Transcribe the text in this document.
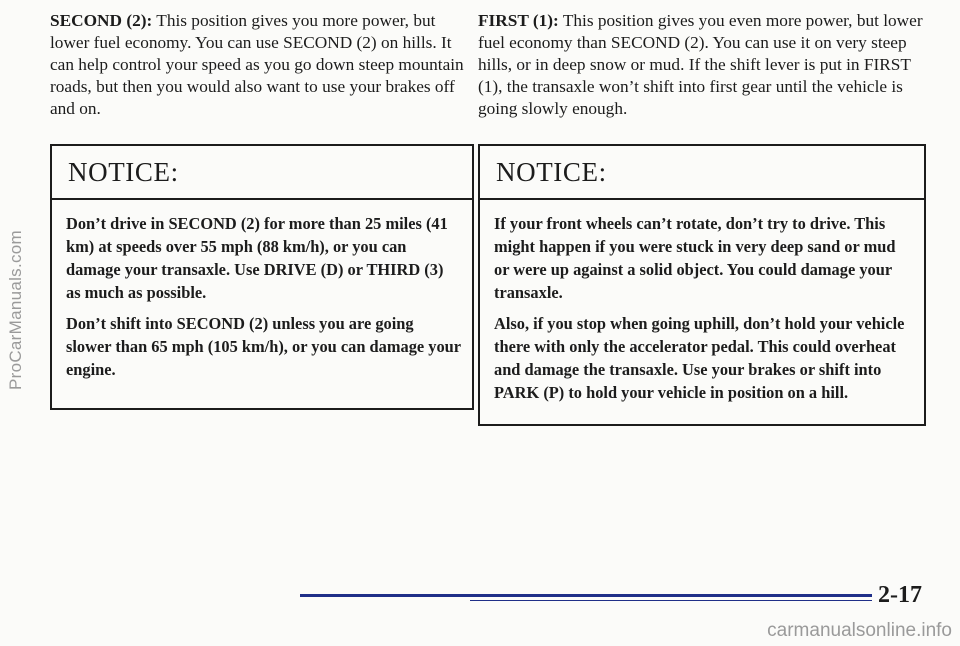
ProCarManuals.com

SECOND (2): This position gives you more power, but lower fuel economy. You can use SECOND (2) on hills. It can help control your speed as you go down steep mountain roads, but then you would also want to use your brakes off and on.

NOTICE:

Don’t drive in SECOND (2) for more than 25 miles (41 km) at speeds over 55 mph (88 km/h), or you can damage your transaxle. Use DRIVE (D) or THIRD (3) as much as possible.

Don’t shift into SECOND (2) unless you are going slower than 65 mph (105 km/h), or you can damage your engine.

FIRST (1): This position gives you even more power, but lower fuel economy than SECOND (2). You can use it on very steep hills, or in deep snow or mud. If the shift lever is put in FIRST (1), the transaxle won’t shift into first gear until the vehicle is going slowly enough.

NOTICE:

If your front wheels can’t rotate, don’t try to drive. This might happen if you were stuck in very deep sand or mud or were up against a solid object. You could damage your transaxle.

Also, if you stop when going uphill, don’t hold your vehicle there with only the accelerator pedal. This could overheat and damage the transaxle. Use your brakes or shift into PARK (P) to hold your vehicle in position on a hill.

2-17
carmanualsonline.info
